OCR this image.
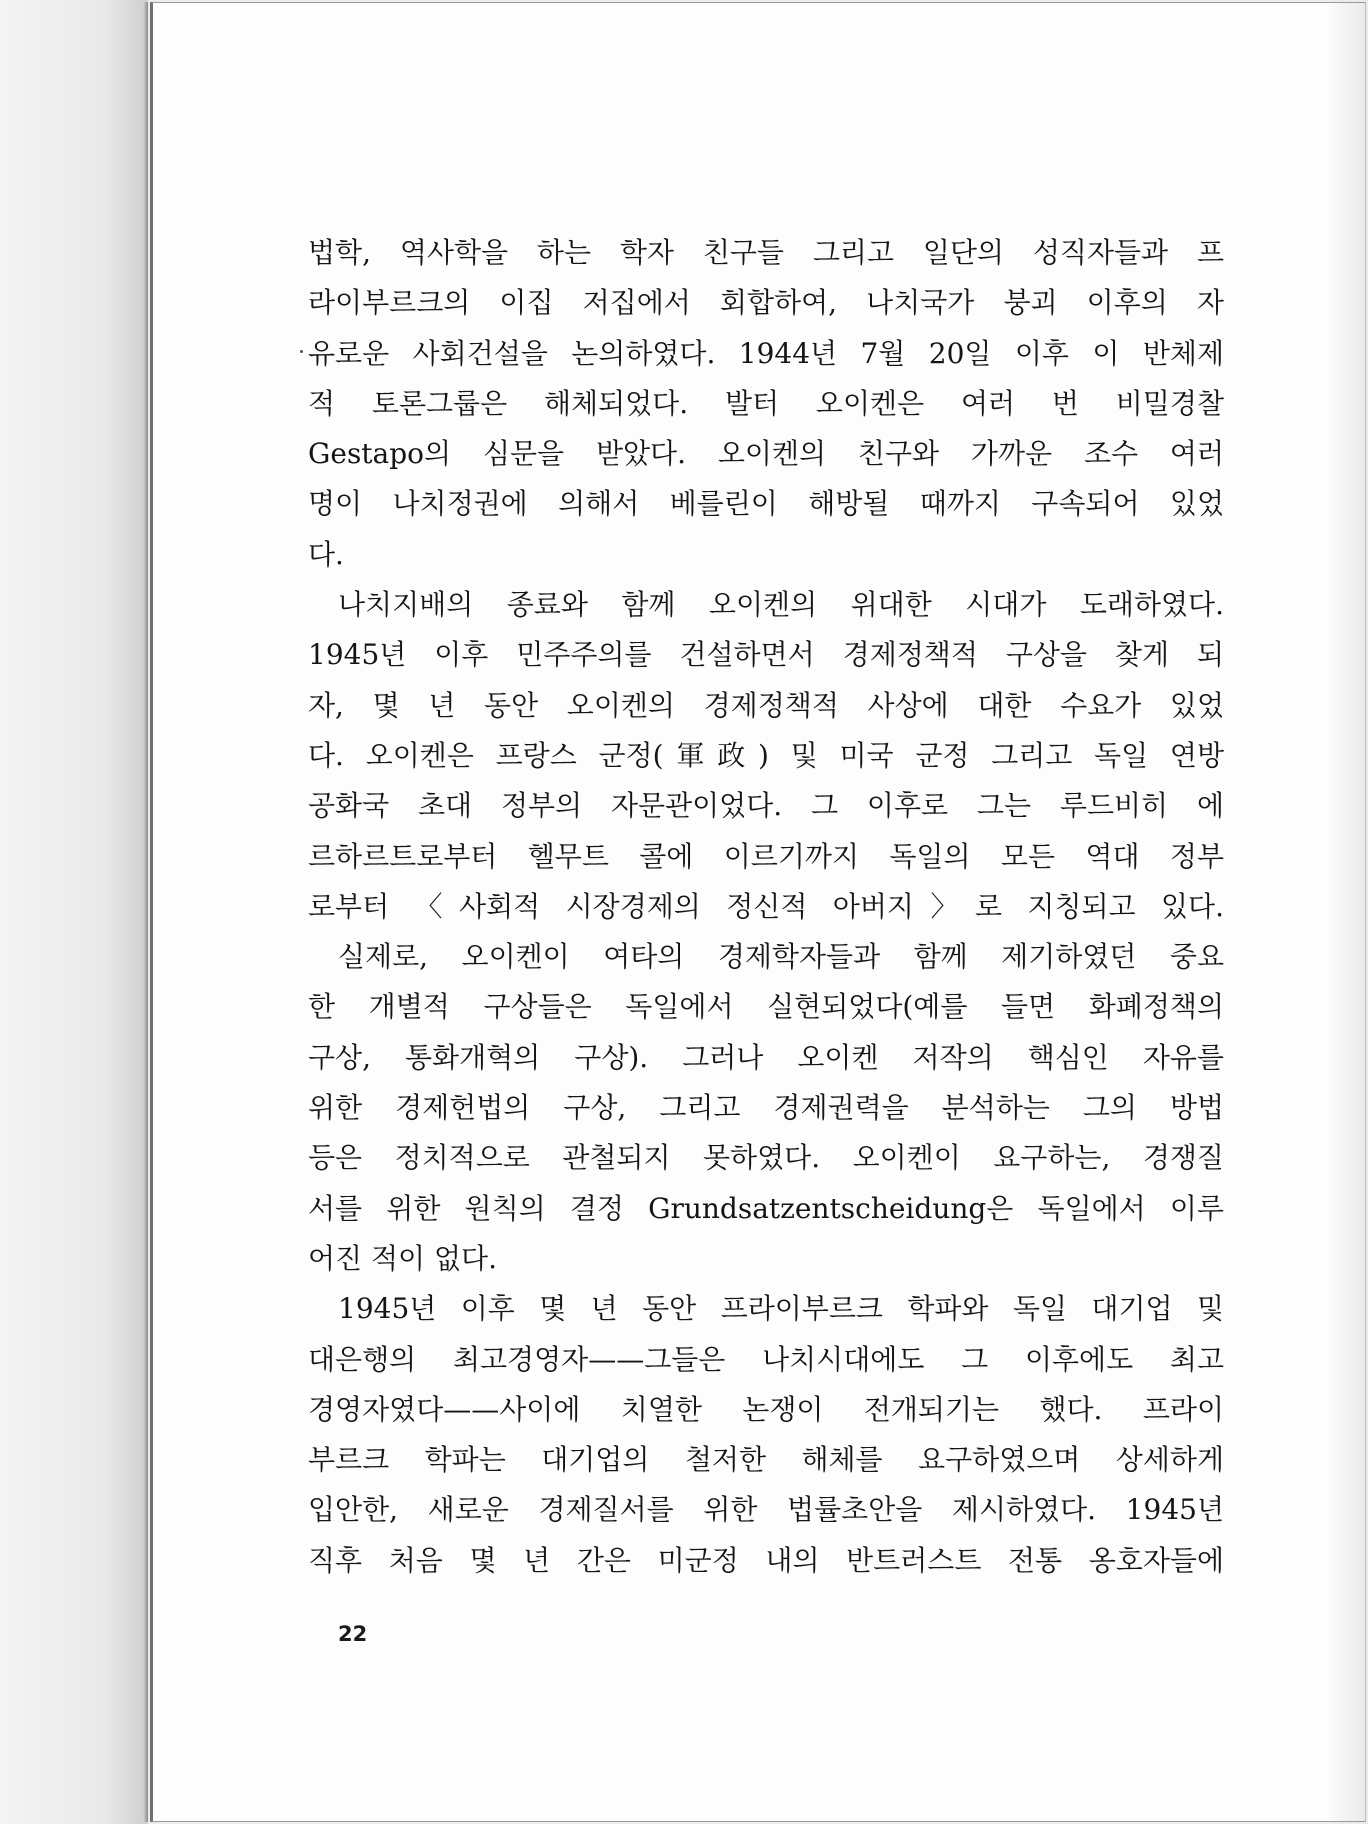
법학, 역사학을 하는 학자 친구들 그리고 일단의 성직자들과 프
라이부르크의 이집 저집에서 회합하여, 나치국가 붕괴 이후의 자
유로운 사회건설을 논의하였다. 1944년 7월 20일 이후 이 반체제
적 토론그룹은 해체되었다. 발터 오이켄은 여러 번 비밀경찰
Gestapo의 심문을 받았다. 오이켄의 친구와 가까운 조수 여러
명이 나치정권에 의해서 베를린이 해방될 때까지 구속되어 있었
다.
나치지배의 종료와 함께 오이켄의 위대한 시대가 도래하였다.
1945년 이후 민주주의를 건설하면서 경제정책적 구상을 찾게 되
자, 몇 년 동안 오이켄의 경제정책적 사상에 대한 수요가 있었
다. 오이켄은 프랑스 군정(軍政) 및 미국 군정 그리고 독일 연방
공화국 초대 정부의 자문관이었다. 그 이후로 그는 루드비히 에
르하르트로부터 헬무트 콜에 이르기까지 독일의 모든 역대 정부
로부터 〈사회적 시장경제의 정신적 아버지〉로 지칭되고 있다.
실제로, 오이켄이 여타의 경제학자들과 함께 제기하였던 중요
한 개별적 구상들은 독일에서 실현되었다(예를 들면 화폐정책의
구상, 통화개혁의 구상). 그러나 오이켄 저작의 핵심인 자유를
위한 경제헌법의 구상, 그리고 경제권력을 분석하는 그의 방법
등은 정치적으로 관철되지 못하였다. 오이켄이 요구하는, 경쟁질
서를 위한 원칙의 결정 Grundsatzentscheidung은 독일에서 이루
어진 적이 없다.
1945년 이후 몇 년 동안 프라이부르크 학파와 독일 대기업 및
대은행의 최고경영자——그들은 나치시대에도 그 이후에도 최고
경영자였다——사이에 치열한 논쟁이 전개되기는 했다. 프라이
부르크 학파는 대기업의 철저한 해체를 요구하였으며 상세하게
입안한, 새로운 경제질서를 위한 법률초안을 제시하였다. 1945년
직후 처음 몇 년 간은 미군정 내의 반트러스트 전통 옹호자들에
22
